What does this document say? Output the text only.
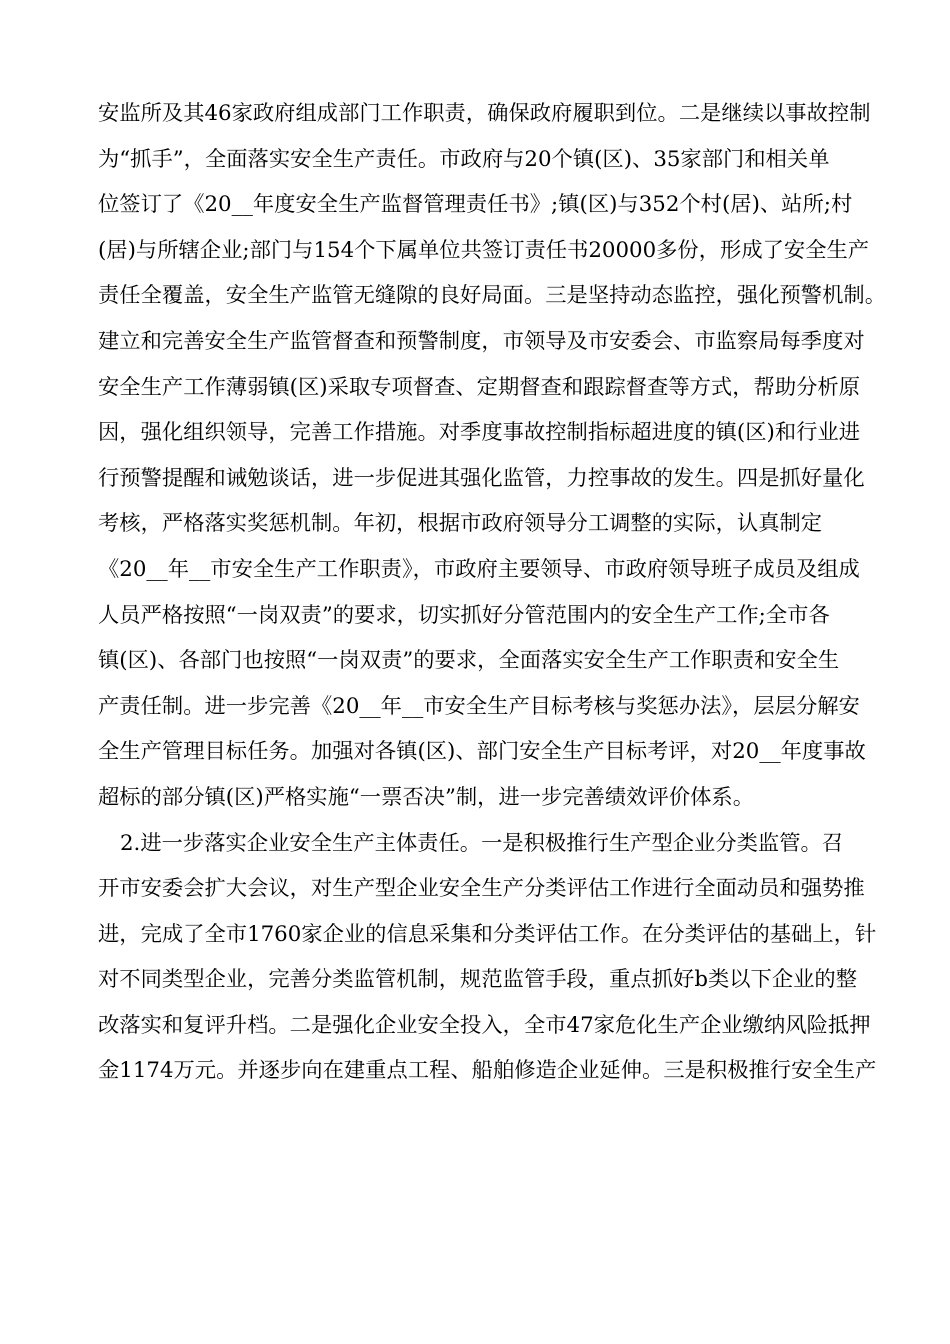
安监所及其46家政府组成部门工作职责，确保政府履职到位。二是继续以事故控制
为“抓手”，全面落实安全生产责任。市政府与20个镇(区)、35家部门和相关单
位签订了《20__年度安全生产监督管理责任书》;镇(区)与352个村(居)、站所;村
(居)与所辖企业;部门与154个下属单位共签订责任书20000多份，形成了安全生产
责任全覆盖，安全生产监管无缝隙的良好局面。三是坚持动态监控，强化预警机制。
建立和完善安全生产监管督查和预警制度，市领导及市安委会、市监察局每季度对
安全生产工作薄弱镇(区)采取专项督查、定期督查和跟踪督查等方式，帮助分析原
因，强化组织领导，完善工作措施。对季度事故控制指标超进度的镇(区)和行业进
行预警提醒和诫勉谈话，进一步促进其强化监管，力控事故的发生。四是抓好量化
考核，严格落实奖惩机制。年初，根据市政府领导分工调整的实际，认真制定
《20__年__市安全生产工作职责》，市政府主要领导、市政府领导班子成员及组成
人员严格按照“一岗双责”的要求，切实抓好分管范围内的安全生产工作;全市各
镇(区)、各部门也按照“一岗双责”的要求，全面落实安全生产工作职责和安全生
产责任制。进一步完善《20__年__市安全生产目标考核与奖惩办法》，层层分解安
全生产管理目标任务。加强对各镇(区)、部门安全生产目标考评，对20__年度事故
超标的部分镇(区)严格实施“一票否决”制，进一步完善绩效评价体系。
2.进一步落实企业安全生产主体责任。一是积极推行生产型企业分类监管。召
开市安委会扩大会议，对生产型企业安全生产分类评估工作进行全面动员和强势推
进，完成了全市1760家企业的信息采集和分类评估工作。在分类评估的基础上，针
对不同类型企业，完善分类监管机制，规范监管手段，重点抓好b类以下企业的整
改落实和复评升档。二是强化企业安全投入，全市47家危化生产企业缴纳风险抵押
金1174万元。并逐步向在建重点工程、船舶修造企业延伸。三是积极推行安全生产
